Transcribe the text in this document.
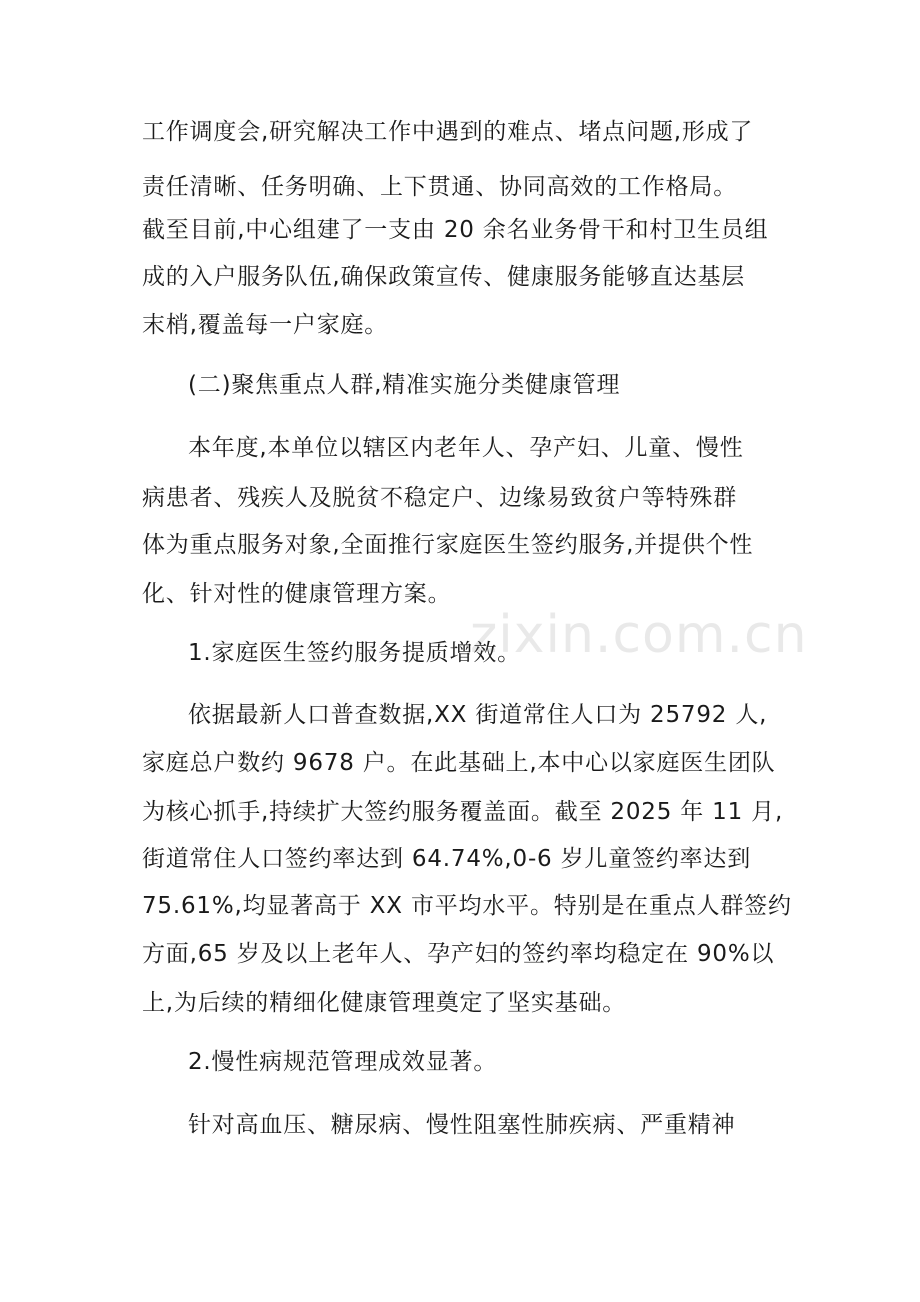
工作调度会,研究解决工作中遇到的难点、堵点问题,形成了
责任清晰、任务明确、上下贯通、协同高效的工作格局。
截至目前,中心组建了一支由 20 余名业务骨干和村卫生员组
成的入户服务队伍,确保政策宣传、健康服务能够直达基层
末梢,覆盖每一户家庭。
(二)聚焦重点人群,精准实施分类健康管理
本年度,本单位以辖区内老年人、孕产妇、儿童、慢性
病患者、残疾人及脱贫不稳定户、边缘易致贫户等特殊群
体为重点服务对象,全面推行家庭医生签约服务,并提供个性
化、针对性的健康管理方案。
1.家庭医生签约服务提质增效。
依据最新人口普查数据,XX 街道常住人口为 25792 人,
家庭总户数约 9678 户。在此基础上,本中心以家庭医生团队
为核心抓手,持续扩大签约服务覆盖面。截至 2025 年 11 月,
街道常住人口签约率达到 64.74%,0-6 岁儿童签约率达到
75.61%,均显著高于 XX 市平均水平。特别是在重点人群签约
方面,65 岁及以上老年人、孕产妇的签约率均稳定在 90%以
上,为后续的精细化健康管理奠定了坚实基础。
2.慢性病规范管理成效显著。
针对高血压、糖尿病、慢性阻塞性肺疾病、严重精神
zixin.com.cn
